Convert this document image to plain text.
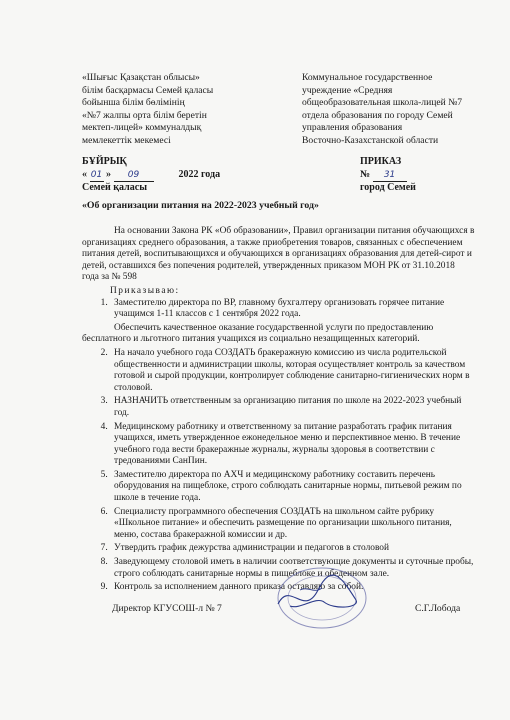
«Шығыс Қазақстан облысы»
білім басқармасы Семей қаласы
бойынша білім бөлімінің
«№7 жалпы орта білім беретін
мектеп-лицей» коммуналдық
мемлекеттік мекемесі
Коммунальное государственное
учреждение «Средняя
общеобразовательная школа-лицей №7
отдела образования по городу Семей
управления образования
Восточно-Казахстанской области
БҰЙРЫҚ
« 01 » 09	2022 года
Семей қаласы
ПРИКАЗ
№ 31
город Семей
«Об организации питания на 2022-2023 учебный год»

На основании Закона РК «Об образовании», Правил организации питания обучающихся в

организациях среднего образования, а также приобретения товаров, связанных с обеспечением

питания детей, воспитывающихся и обучающихся в организациях образования для детей-сирот и

детей, оставшихся без попечения родителей, утвержденных приказом МОН РК от 31.10.2018

года за № 598

Приказываю:

1. Заместителю директора по ВР, главному бухгалтеру организовать горячее питание
учащимся 1-11 классов с 1 сентября 2022 года.
Обеспечить качественное оказание государственной услуги по предоставлению
бесплатного и льготного питания учащихся из социально незащищенных категорий.
2. На начало учебного года СОЗДАТЬ бракеражную комиссию из числа родительской
общественности и администрации школы, которая осуществляет контроль за качеством
готовой и сырой продукции, контролирует соблюдение санитарно-гигиенических норм в
столовой.
3. НАЗНАЧИТЬ ответственным за организацию питания по школе на 2022-2023 учебный
год.
4. Медицинскому работнику и ответственному за питание разработать график питания
учащихся, иметь утвержденное ежонедельное меню и перспективное меню. В течение
учебного года вести бракеражные журналы, журналы здоровья в соответствии с
тредованиями СанПин.
5. Заместителю директора по АХЧ и медицинскому работнику составить перечень
оборудования на пищеблоке, строго соблюдать санитарные нормы, питьевой режим по
школе в течение года.
6. Специалисту программного обеспечения СОЗДАТЬ на школьном сайте рубрику
«Школьное питание» и обеспечить размещение по организации школьного питания,
меню, состава бракеражной комиссии и др.
7. Утвердить график дежурства администрации и педагогов в столовой
8. Заведующему столовой иметь в наличии соответствующие документы и суточные пробы,
строго соблюдать санитарные нормы в пищеблоке и обеденном зале.
9. Контроль за исполнением данного приказа оставляю за собой.
Директор КГУСОШ-л № 7	С.Г.Лобода
